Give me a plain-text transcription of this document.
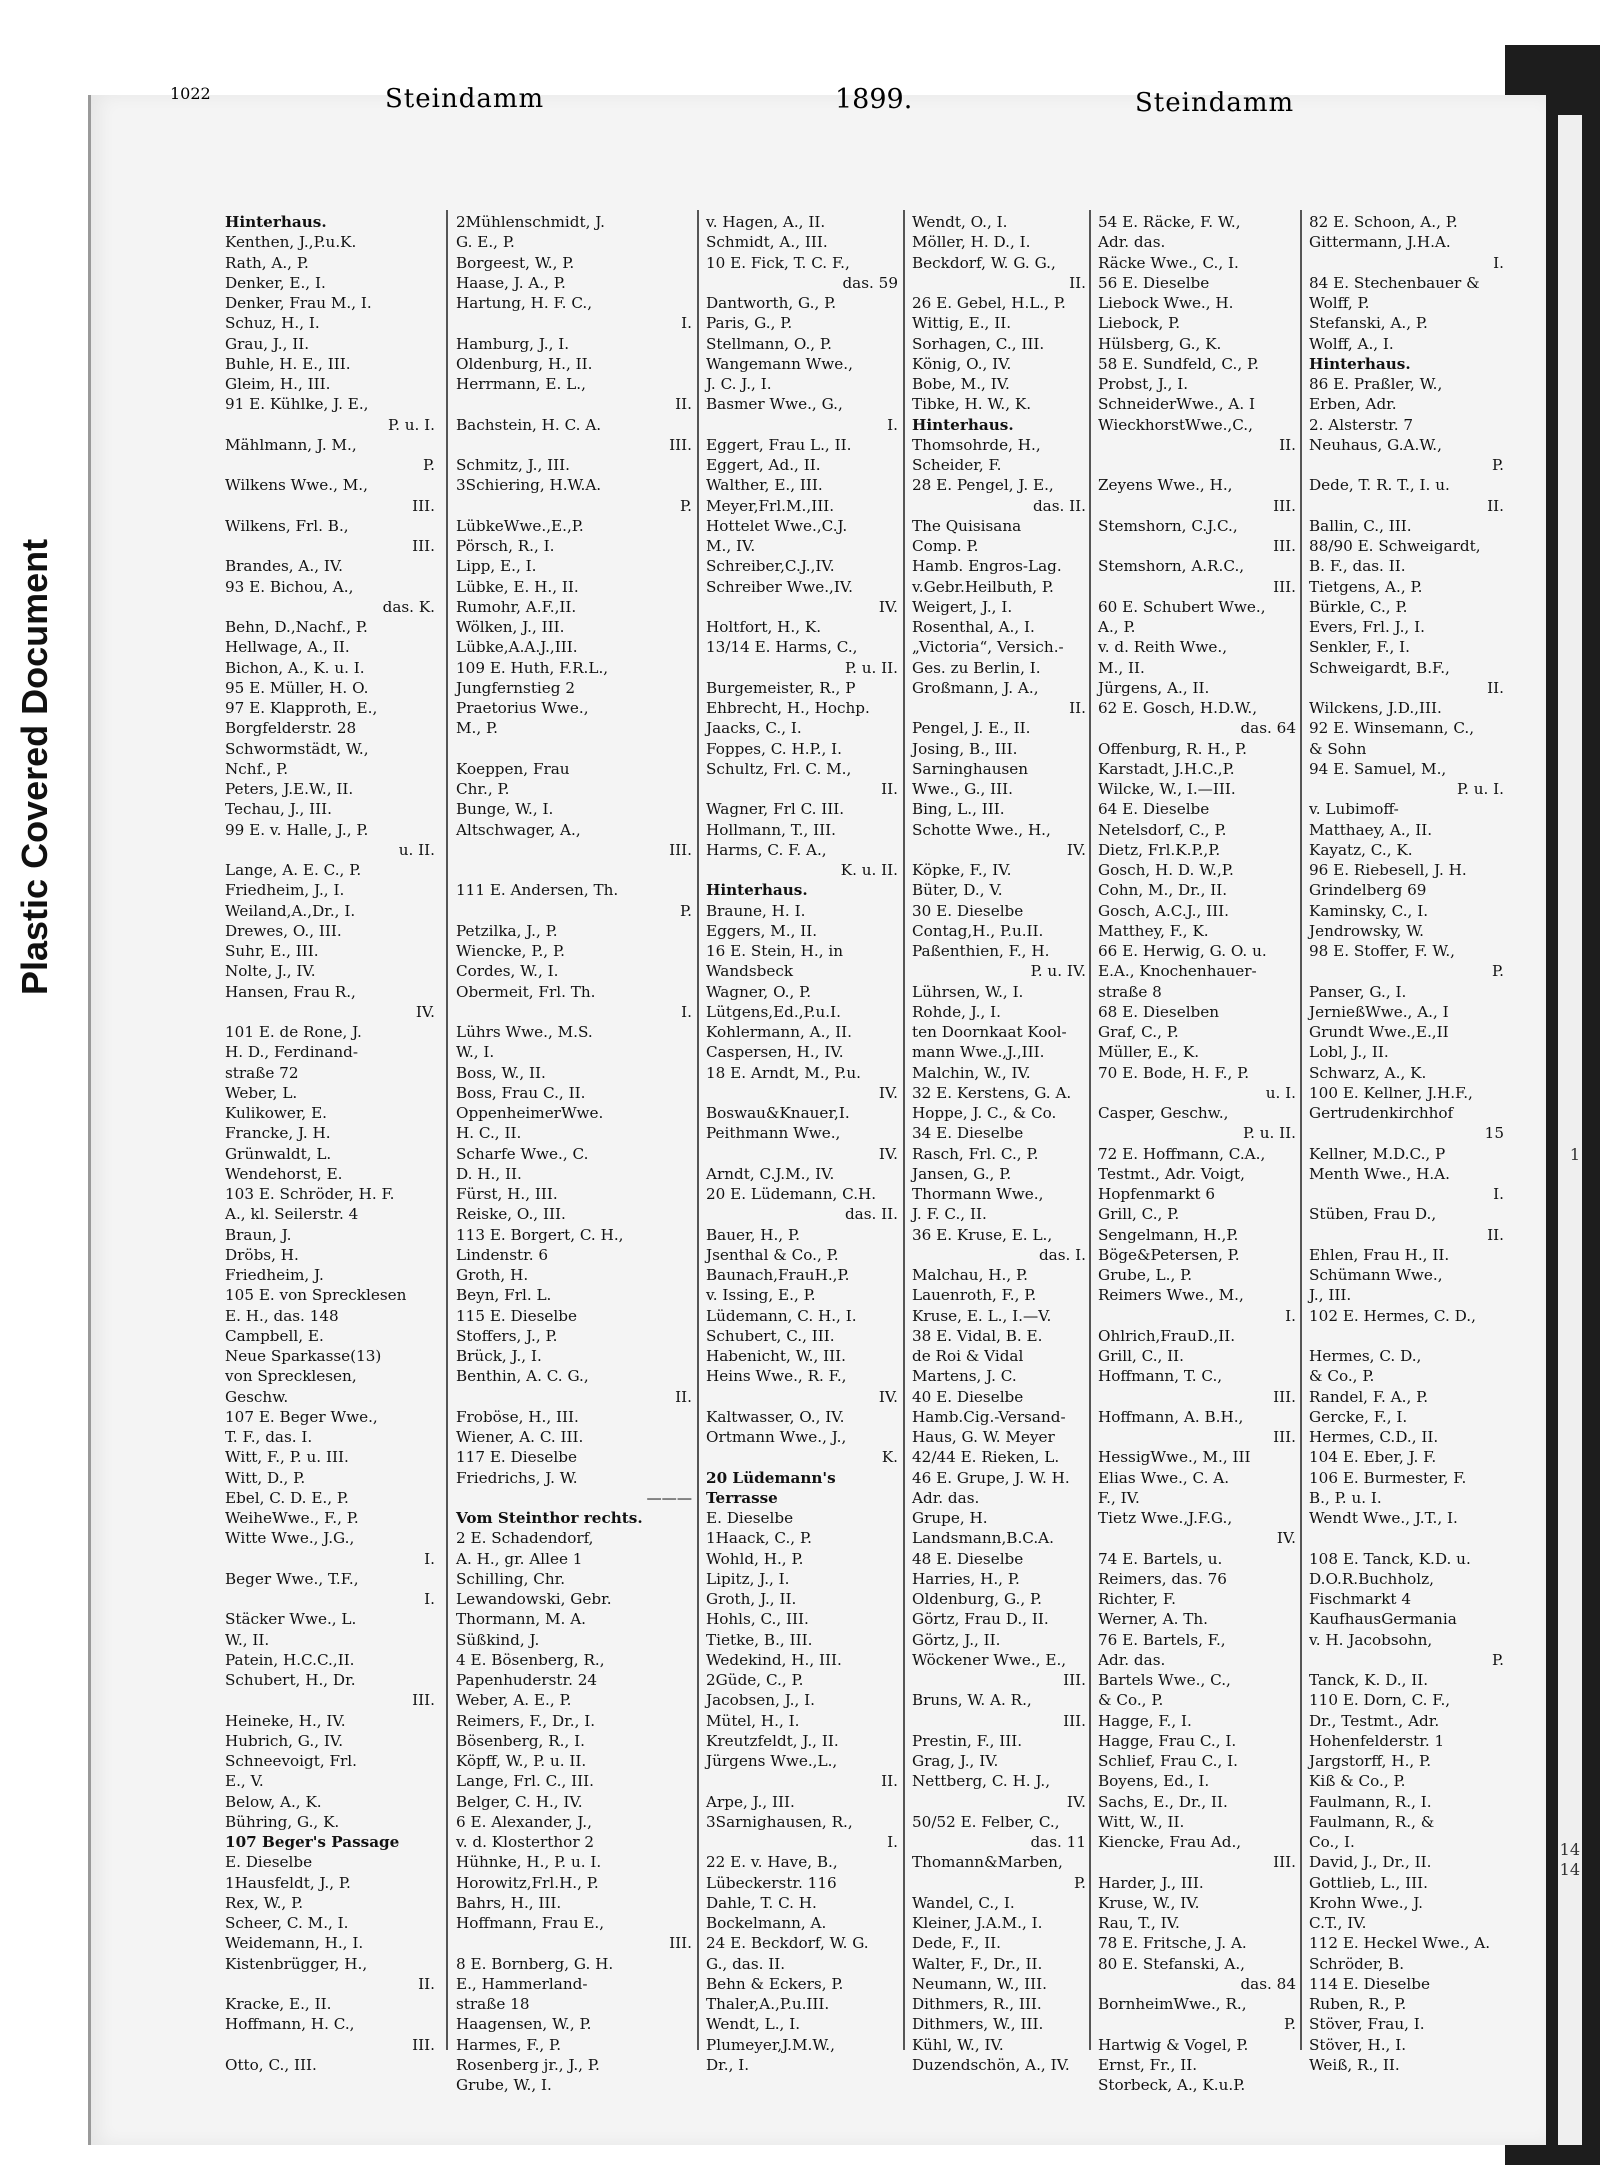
Plastic Covered Document
1
14
14
1022	Steindamm	1899.	Steindamm
Hinterhaus.
Kenthen, J.,P.u.K.
Rath, A., P.
Denker, E., I.
Denker, Frau M., I.
Schuz, H., I.
Grau, J., II.
Buhle, H. E., III.
Gleim, H., III.
91 E. Kühlke, J. E.,
P. u. I.
Mählmann, J. M.,
P.
Wilkens Wwe., M.,
III.
Wilkens, Frl. B.,
III.
Brandes, A., IV.
93 E. Bichou, A.,
das. K.
Behn, D.,Nachf., P.
Hellwage, A., II.
Bichon, A., K. u. I.
95 E. Müller, H. O.
97 E. Klapproth, E.,
Borgfelderstr. 28
Schwormstädt, W.,
Nchf., P.
Peters, J.E.W., II.
Techau, J., III.
99 E. v. Halle, J., P.
u. II.
Lange, A. E. C., P.
Friedheim, J., I.
Weiland,A.,Dr., I.
Drewes, O., III.
Suhr, E., III.
Nolte, J., IV.
Hansen, Frau R.,
IV.
101 E. de Rone, J.
H. D., Ferdinand-
straße 72
Weber, L.
Kulikower, E.
Francke, J. H.
Grünwaldt, L.
Wendehorst, E.
103 E. Schröder, H. F.
A., kl. Seilerstr. 4
Braun, J.
Dröbs, H.
Friedheim, J.
105 E. von Sprecklesen
E. H., das. 148
Campbell, E.
Neue Sparkasse(13)
von Sprecklesen,
Geschw.
107 E. Beger Wwe.,
T. F., das. I.
Witt, F., P. u. III.
Witt, D., P.
Ebel, C. D. E., P.
WeiheWwe., F., P.
Witte Wwe., J.G.,
I.
Beger Wwe., T.F.,
I.
Stäcker Wwe., L.
W., II.
Patein, H.C.C.,II.
Schubert, H., Dr.
III.
Heineke, H., IV.
Hubrich, G., IV.
Schneevoigt, Frl.
E., V.
Below, A., K.
Bühring, G., K.
107 Beger's Passage
E. Dieselbe
1Hausfeldt, J., P.
Rex, W., P.
Scheer, C. M., I.
Weidemann, H., I.
Kistenbrügger, H.,
II.
Kracke, E., II.
Hoffmann, H. C.,
III.
Otto, C., III.
2Mühlenschmidt, J.
G. E., P.
Borgeest, W., P.
Haase, J. A., P.
Hartung, H. F. C.,
I.
Hamburg, J., I.
Oldenburg, H., II.
Herrmann, E. L.,
II.
Bachstein, H. C. A.
III.
Schmitz, J., III.
3Schiering, H.W.A.
P.
LübkeWwe.,E.,P.
Pörsch, R., I.
Lipp, E., I.
Lübke, E. H., II.
Rumohr, A.F.,II.
Wölken, J., III.
Lübke,A.A.J.,III.
109 E. Huth, F.R.L.,
Jungfernstieg 2
Praetorius Wwe.,
M., P.
Koeppen, Frau
Chr., P.
Bunge, W., I.
Altschwager, A.,
III.
111 E. Andersen, Th.
P.
Petzilka, J., P.
Wiencke, P., P.
Cordes, W., I.
Obermeit, Frl. Th.
I.
Lührs Wwe., M.S.
W., I.
Boss, W., II.
Boss, Frau C., II.
OppenheimerWwe.
H. C., II.
Scharfe Wwe., C.
D. H., II.
Fürst, H., III.
Reiske, O., III.
113 E. Borgert, C. H.,
Lindenstr. 6
Groth, H.
Beyn, Frl. L.
115 E. Dieselbe
Stoffers, J., P.
Brück, J., I.
Benthin, A. C. G.,
II.
Froböse, H., III.
Wiener, A. C. III.
117 E. Dieselbe
Friedrichs, J. W.
———
Vom Steinthor rechts.
2 E. Schadendorf,
A. H., gr. Allee 1
Schilling, Chr.
Lewandowski, Gebr.
Thormann, M. A.
Süßkind, J.
4 E. Bösenberg, R.,
Papenhuderstr. 24
Weber, A. E., P.
Reimers, F., Dr., I.
Bösenberg, R., I.
Köpff, W., P. u. II.
Lange, Frl. C., III.
Belger, C. H., IV.
6 E. Alexander, J.,
v. d. Klosterthor 2
Hühnke, H., P. u. I.
Horowitz,Frl.H., P.
Bahrs, H., III.
Hoffmann, Frau E.,
III.
8 E. Bornberg, G. H.
E., Hammerland-
straße 18
Haagensen, W., P.
Harmes, F., P.
Rosenberg jr., J., P.
Grube, W., I.
v. Hagen, A., II.
Schmidt, A., III.
10 E. Fick, T. C. F.,
das. 59
Dantworth, G., P.
Paris, G., P.
Stellmann, O., P.
Wangemann Wwe.,
J. C. J., I.
Basmer Wwe., G.,
I.
Eggert, Frau L., II.
Eggert, Ad., II.
Walther, E., III.
Meyer,Frl.M.,III.
Hottelet Wwe.,C.J.
M., IV.
Schreiber,C.J.,IV.
Schreiber Wwe.,IV.
IV.
Holtfort, H., K.
13/14 E. Harms, C.,
P. u. II.
Burgemeister, R., P
Ehbrecht, H., Hochp.
Jaacks, C., I.
Foppes, C. H.P., I.
Schultz, Frl. C. M.,
II.
Wagner, Frl C. III.
Hollmann, T., III.
Harms, C. F. A.,
K. u. II.
Hinterhaus.
Braune, H. I.
Eggers, M., II.
16 E. Stein, H., in
Wandsbeck
Wagner, O., P.
Lütgens,Ed.,P.u.I.
Kohlermann, A., II.
Caspersen, H., IV.
18 E. Arndt, M., P.u.
IV.
Boswau&Knauer,I.
Peithmann Wwe.,
IV.
Arndt, C.J.M., IV.
20 E. Lüdemann, C.H.
das. II.
Bauer, H., P.
Jsenthal & Co., P.
Baunach,FrauH.,P.
v. Issing, E., P.
Lüdemann, C. H., I.
Schubert, C., III.
Habenicht, W., III.
Heins Wwe., R. F.,
IV.
Kaltwasser, O., IV.
Ortmann Wwe., J.,
K.
20 Lüdemann's
Terrasse
E. Dieselbe
1Haack, C., P.
Wohld, H., P.
Lipitz, J., I.
Groth, J., II.
Hohls, C., III.
Tietke, B., III.
Wedekind, H., III.
2Güde, C., P.
Jacobsen, J., I.
Mütel, H., I.
Kreutzfeldt, J., II.
Jürgens Wwe.,L.,
II.
Arpe, J., III.
3Sarnighausen, R.,
I.
22 E. v. Have, B.,
Lübeckerstr. 116
Dahle, T. C. H.
Bockelmann, A.
24 E. Beckdorf, W. G.
G., das. II.
Behn & Eckers, P.
Thaler,A.,P.u.III.
Wendt, L., I.
Plumeyer,J.M.W.,
Dr., I.
Wendt, O., I.
Möller, H. D., I.
Beckdorf, W. G. G.,
II.
26 E. Gebel, H.L., P.
Wittig, E., II.
Sorhagen, C., III.
König, O., IV.
Bobe, M., IV.
Tibke, H. W., K.
Hinterhaus.
Thomsohrde, H.,
Scheider, F.
28 E. Pengel, J. E.,
das. II.
The Quisisana
Comp. P.
Hamb. Engros-Lag.
v.Gebr.Heilbuth, P.
Weigert, J., I.
Rosenthal, A., I.
„Victoria“, Versich.-
Ges. zu Berlin, I.
Großmann, J. A.,
II.
Pengel, J. E., II.
Josing, B., III.
Sarninghausen
Wwe., G., III.
Bing, L., III.
Schotte Wwe., H.,
IV.
Köpke, F., IV.
Büter, D., V.
30 E. Dieselbe
Contag,H., P.u.II.
Paßenthien, F., H.
P. u. IV.
Lührsen, W., I.
Rohde, J., I.
ten Doornkaat Kool-
mann Wwe.,J.,III.
Malchin, W., IV.
32 E. Kerstens, G. A.
Hoppe, J. C., & Co.
34 E. Dieselbe
Rasch, Frl. C., P.
Jansen, G., P.
Thormann Wwe.,
J. F. C., II.
36 E. Kruse, E. L.,
das. I.
Malchau, H., P.
Lauenroth, F., P.
Kruse, E. L., I.—V.
38 E. Vidal, B. E.
de Roi & Vidal
Martens, J. C.
40 E. Dieselbe
Hamb.Cig.-Versand-
Haus, G. W. Meyer
42/44 E. Rieken, L.
46 E. Grupe, J. W. H.
Adr. das.
Grupe, H.
Landsmann,B.C.A.
48 E. Dieselbe
Harries, H., P.
Oldenburg, G., P.
Görtz, Frau D., II.
Görtz, J., II.
Wöckener Wwe., E.,
III.
Bruns, W. A. R.,
III.
Prestin, F., III.
Grag, J., IV.
Nettberg, C. H. J.,
IV.
50/52 E. Felber, C.,
das. 11
Thomann&Marben,
P.
Wandel, C., I.
Kleiner, J.A.M., I.
Dede, F., II.
Walter, F., Dr., II.
Neumann, W., III.
Dithmers, R., III.
Dithmers, W., III.
Kühl, W., IV.
Duzendschön, A., IV.
54 E. Räcke, F. W.,
Adr. das.
Räcke Wwe., C., I.
56 E. Dieselbe
Liebock Wwe., H.
Liebock, P.
Hülsberg, G., K.
58 E. Sundfeld, C., P.
Probst, J., I.
SchneiderWwe., A. I
WieckhorstWwe.,C.,
II.
Zeyens Wwe., H.,
III.
Stemshorn, C.J.C.,
III.
Stemshorn, A.R.C.,
III.
60 E. Schubert Wwe.,
A., P.
v. d. Reith Wwe.,
M., II.
Jürgens, A., II.
62 E. Gosch, H.D.W.,
das. 64
Offenburg, R. H., P.
Karstadt, J.H.C.,P.
Wilcke, W., I.—III.
64 E. Dieselbe
Netelsdorf, C., P.
Dietz, Frl.K.P.,P.
Gosch, H. D. W.,P.
Cohn, M., Dr., II.
Gosch, A.C.J., III.
Matthey, F., K.
66 E. Herwig, G. O. u.
E.A., Knochenhauer-
straße 8
68 E. Dieselben
Graf, C., P.
Müller, E., K.
70 E. Bode, H. F., P.
u. I.
Casper, Geschw.,
P. u. II.
72 E. Hoffmann, C.A.,
Testmt., Adr. Voigt,
Hopfenmarkt 6
Grill, C., P.
Sengelmann, H.,P.
Böge&Petersen, P.
Grube, L., P.
Reimers Wwe., M.,
I.
Ohlrich,FrauD.,II.
Grill, C., II.
Hoffmann, T. C.,
III.
Hoffmann, A. B.H.,
III.
HessigWwe., M., III
Elias Wwe., C. A.
F., IV.
Tietz Wwe.,J.F.G.,
IV.
74 E. Bartels, u.
Reimers, das. 76
Richter, F.
Werner, A. Th.
76 E. Bartels, F.,
Adr. das.
Bartels Wwe., C.,
& Co., P.
Hagge, F., I.
Hagge, Frau C., I.
Schlief, Frau C., I.
Boyens, Ed., I.
Sachs, E., Dr., II.
Witt, W., II.
Kiencke, Frau Ad.,
III.
Harder, J., III.
Kruse, W., IV.
Rau, T., IV.
78 E. Fritsche, J. A.
80 E. Stefanski, A.,
das. 84
BornheimWwe., R.,
P.
Hartwig & Vogel, P.
Ernst, Fr., II.
Storbeck, A., K.u.P.
82 E. Schoon, A., P.
Gittermann, J.H.A.
I.
84 E. Stechenbauer &
Wolff, P.
Stefanski, A., P.
Wolff, A., I.
Hinterhaus.
86 E. Praßler, W.,
Erben, Adr.
2. Alsterstr. 7
Neuhaus, G.A.W.,
P.
Dede, T. R. T., I. u.
II.
Ballin, C., III.
88/90 E. Schweigardt,
B. F., das. II.
Tietgens, A., P.
Bürkle, C., P.
Evers, Frl. J., I.
Senkler, F., I.
Schweigardt, B.F.,
II.
Wilckens, J.D.,III.
92 E. Winsemann, C.,
& Sohn
94 E. Samuel, M.,
P. u. I.
v. Lubimoff-
Matthaey, A., II.
Kayatz, C., K.
96 E. Riebesell, J. H.
Grindelberg 69
Kaminsky, C., I.
Jendrowsky, W.
98 E. Stoffer, F. W.,
P.
Panser, G., I.
JernießWwe., A., I
Grundt Wwe.,E.,II
Lobl, J., II.
Schwarz, A., K.
100 E. Kellner, J.H.F.,
Gertrudenkirchhof
15
Kellner, M.D.C., P
Menth Wwe., H.A.
I.
Stüben, Frau D.,
II.
Ehlen, Frau H., II.
Schümann Wwe.,
J., III.
102 E. Hermes, C. D.,
Hermes, C. D.,
& Co., P.
Randel, F. A., P.
Gercke, F., I.
Hermes, C.D., II.
104 E. Eber, J. F.
106 E. Burmester, F.
B., P. u. I.
Wendt Wwe., J.T., I.
108 E. Tanck, K.D. u.
D.O.R.Buchholz,
Fischmarkt 4
KaufhausGermania
v. H. Jacobsohn,
P.
Tanck, K. D., II.
110 E. Dorn, C. F.,
Dr., Testmt., Adr.
Hohenfelderstr. 1
Jargstorff, H., P.
Kiß & Co., P.
Faulmann, R., I.
Faulmann, R., &
Co., I.
David, J., Dr., II.
Gottlieb, L., III.
Krohn Wwe., J.
C.T., IV.
112 E. Heckel Wwe., A.
Schröder, B.
114 E. Dieselbe
Ruben, R., P.
Stöver, Frau, I.
Stöver, H., I.
Weiß, R., II.
